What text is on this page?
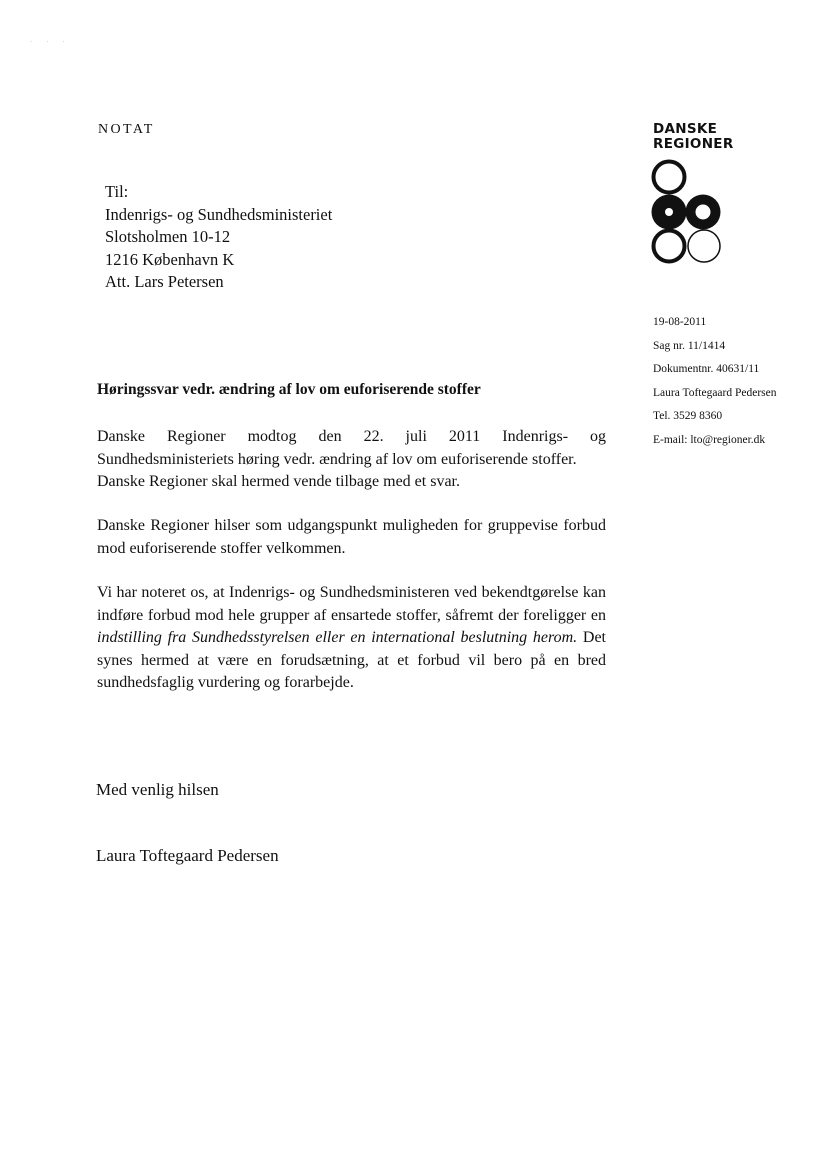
· · ·
NOTAT
Til:
Indenrigs- og Sundhedsministeriet
Slotsholmen 10-12
1216 København K
Att. Lars Petersen
DANSKE
REGIONER
19-08-2011
Sag nr. 11/1414
Dokumentnr. 40631/11
Laura Toftegaard Pedersen
Tel. 3529 8360
E-mail: lto@regioner.dk
Høringssvar vedr. ændring af lov om euforiserende stoffer

Danske Regioner modtog den 22. juli 2011 Indenrigs- og

Sundhedsministeriets høring vedr. ændring af lov om euforiserende stoffer. Danske Regioner skal hermed vende tilbage med et svar.

Danske Regioner hilser som udgangspunkt muligheden for gruppevise forbud mod euforiserende stoffer velkommen.

Vi har noteret os, at Indenrigs- og Sundhedsministeren ved bekendtgørelse kan indføre forbud mod hele grupper af ensartede stoffer, såfremt der foreligger en indstilling fra Sundhedsstyrelsen eller en international beslutning herom. Det synes hermed at være en forudsætning, at et forbud vil bero på en bred sundhedsfaglig vurdering og forarbejde.

Med venlig hilsen
Laura Toftegaard Pedersen
